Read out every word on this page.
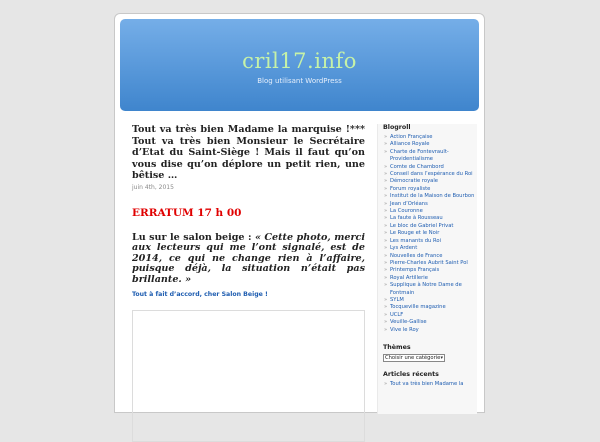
cril17.info
Blog utilisant WordPress
Tout va très bien Madame la marquise !*** Tout va très bien Monsieur le Secrétaire d’Etat du Saint-Siège ! Mais il faut qu’on vous dise qu’on déplore un petit rien, une bêtise …
juin 4th, 2015
ERRATUM 17 h 00
Lu sur le salon beige : « Cette photo, merci aux lecteurs qui me l’ont signalé, est de 2014, ce qui ne change rien à l’affaire, puisque déjà, la situation n’était pas brillante. »
Tout à fait d’accord, cher Salon Beige !
Blogroll
» Action Française
» Alliance Royale
» Charte de Fontevrault-Providentialisme
» Comte de Chambord
» Conseil dans l’espérance du Roi
» Démocratie royale
» Forum royaliste
» Institut de la Maison de Bourbon
» Jean d’Orléans
» La Couronne
» La faute à Rousseau
» Le bloc de Gabriel Privat
» Le Rouge et le Noir
» Les manants du Roi
» Lys Ardent
» Nouvelles de France
» Pierre-Charles Aubrit Saint Pol
» Printemps Français
» Royal Artillerie
» Supplique à Notre Dame de Fontmain
» SYLM
» Tocqueville magazine
» UCLF
» Veuille-Gallise
» Vive le Roy
Thèmes
Choisir une catégorie ▾
Articles récents
» Tout va très bien Madame la
